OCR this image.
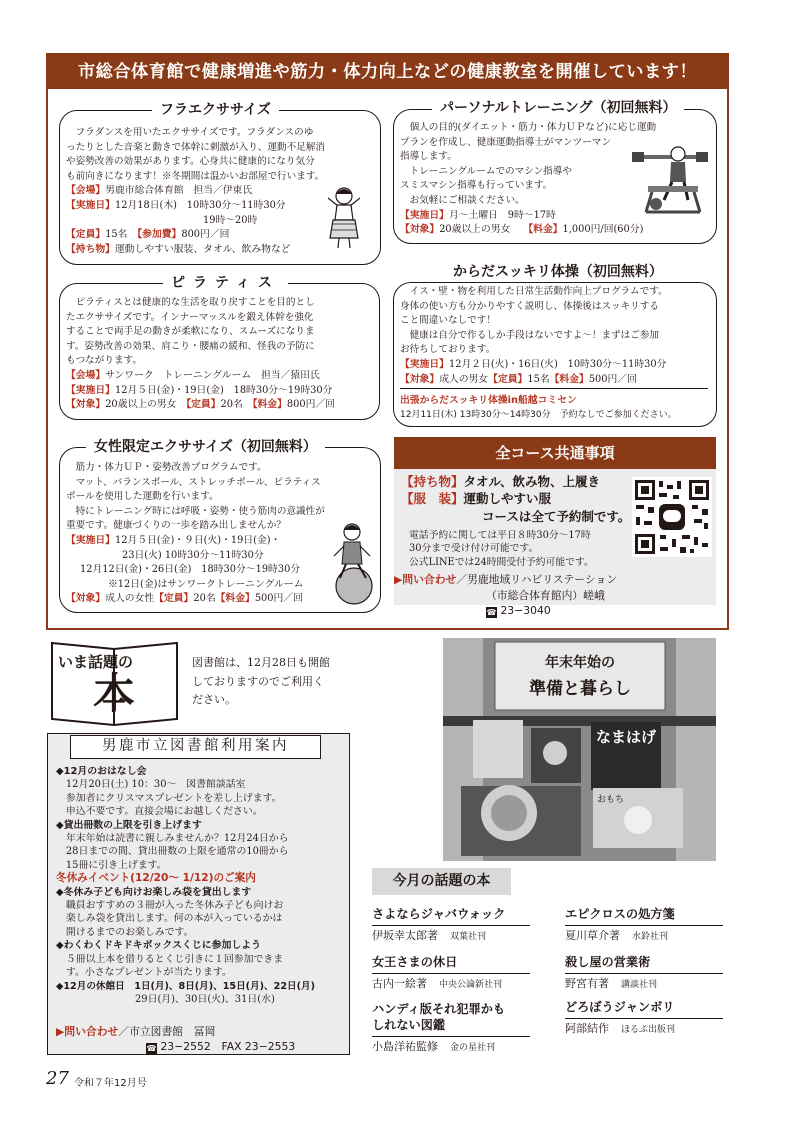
市総合体育館で健康増進や筋力・体力向上などの健康教室を開催しています！
フラエクササイズ
　フラダンスを用いたエクササイズです。フラダンスのゆ
ったりとした音楽と動きで体幹に刺激が入り、運動不足解消
や姿勢改善の効果があります。心身共に健康的になり気分
も前向きになります！※冬期間は温かいお部屋で行います。
【会場】男鹿市総合体育館　担当／伊東氏
【実施日】12月18日(木)　10時30分〜11時30分
19時〜20時
【定員】15名　 【参加費】800円／回
【持ち物】運動しやすい服装、タオル、飲み物など
パーソナルトレーニング（初回無料）
　個人の目的(ダイエット・筋力・体力ＵＰなど)に応じ運動
プランを作成し、健康運動指導士がマンツーマン
指導します。
　トレーニングルームでのマシン指導や
スミスマシン指導も行っています。
　お気軽にご相談ください。
【実施日】月〜土曜日　9時〜17時
【対象】20歳以上の男女　 【料金】1,000円/回(60分)
ピラティス
　ピラティスとは健康的な生活を取り戻すことを目的とし
たエクササイズです。インナーマッスルを鍛え体幹を強化
することで両手足の動きが柔軟になり、スムーズになりま
す。姿勢改善の効果、肩こり・腰痛の緩和、怪我の予防に
もつながります。
【会場】サンワーク　トレーニングルーム　担当／猿田氏
【実施日】12月５日(金)・19日(金)　18時30分〜19時30分
【対象】20歳以上の男女　 【定員】20名　 【料金】800円／回
からだスッキリ体操（初回無料）
　イス・壁・物を利用した日常生活動作向上プログラムです。
身体の使い方も分かりやすく説明し、体操後はスッキリする
こと間違いなしです！
　健康は自分で作るしか手段はないですよ〜！まずはご参加
お待ちしております。
【実施日】12月２日(火)・16日(火)　10時30分〜11時30分
【対象】成人の男女【定員】15名【料金】500円／回
出張からだスッキリ体操in船越コミセン
12月11日(木) 13時30分〜14時30分　予約なしでご参加ください。
女性限定エクササイズ（初回無料）
　筋力・体力ＵＰ・姿勢改善プログラムです。
　マット、バランスボール、ストレッチポール、ピラティス
ボールを使用した運動を行います。
　特にトレーニング時には呼吸・姿勢・使う筋肉の意識性が
重要です。健康づくりの一歩を踏み出しませんか？
【実施日】12月５日(金)・９日(火)・19日(金)・
23日(火) 10時30分〜11時30分
12月12日(金)・26日(金)　18時30分〜19時30分
※12日(金)はサンワークトレーニングルーム
【対象】成人の女性【定員】20名【料金】500円／回
全コース共通事項
【持ち物】タオル、飲み物、上履き
【服　装】運動しやすい服
コースは全て予約制です。
電話予約に関しては平日８時30分〜17時
30分まで受け付け可能です。
公式LINEでは24時間受付予約可能です。
▶問い合わせ／男鹿地域リハビリステーション
（市総合体育館内）嵯峨
☎ 23−3040
いま話題の
本
図書館は、12月28日も開館
しておりますのでご利用く
ださい。
男鹿市立図書館利用案内
◆12月のおはなし会
　12月20日(土) 10：30〜　図書館談話室
　参加者にクリスマスプレゼントを差し上げます。
　申込不要です。直接会場にお越しください。
◆貸出冊数の上限を引き上げます
　年末年始は読書に親しみませんか？12月24日から
　28日までの間、貸出冊数の上限を通常の10冊から
　15冊に引き上げます。
冬休みイベント(12/20〜 1/12)のご案内
◆冬休み子ども向けお楽しみ袋を貸出します
　職員おすすめの３冊が入った冬休み子ども向けお
　楽しみ袋を貸出します。何の本が入っているかは
　開けるまでのお楽しみです。
◆わくわくドキドキボックスくじに参加しよう
　５冊以上本を借りるとくじ引きに１回参加できま
　す。小さなプレゼントが当たります。
◆12月の休館日　1日(月)、8日(月)、15日(月)、22日(月)
　　　　　　　　29日(月)、30日(火)、31日(水)
▶問い合わせ／市立図書館　冨岡
☎ 23−2552　FAX 23−2553
年末年始の
準備と暮らし
なまはげ
おもち
今月の話題の本
さよならジャバウォック
伊坂幸太郎著 双葉社刊
女王さまの休日
古内一絵著 中央公論新社刊
ハンディ版それ犯罪かも
しれない図鑑
小島洋祐監修 金の星社刊
エピクロスの処方箋
夏川草介著 水鈴社刊
殺し屋の営業術
野宮有著 講談社刊
どろぼうジャンボリ
阿部結作 ほるぷ出版刊
27 令和７年12月号
